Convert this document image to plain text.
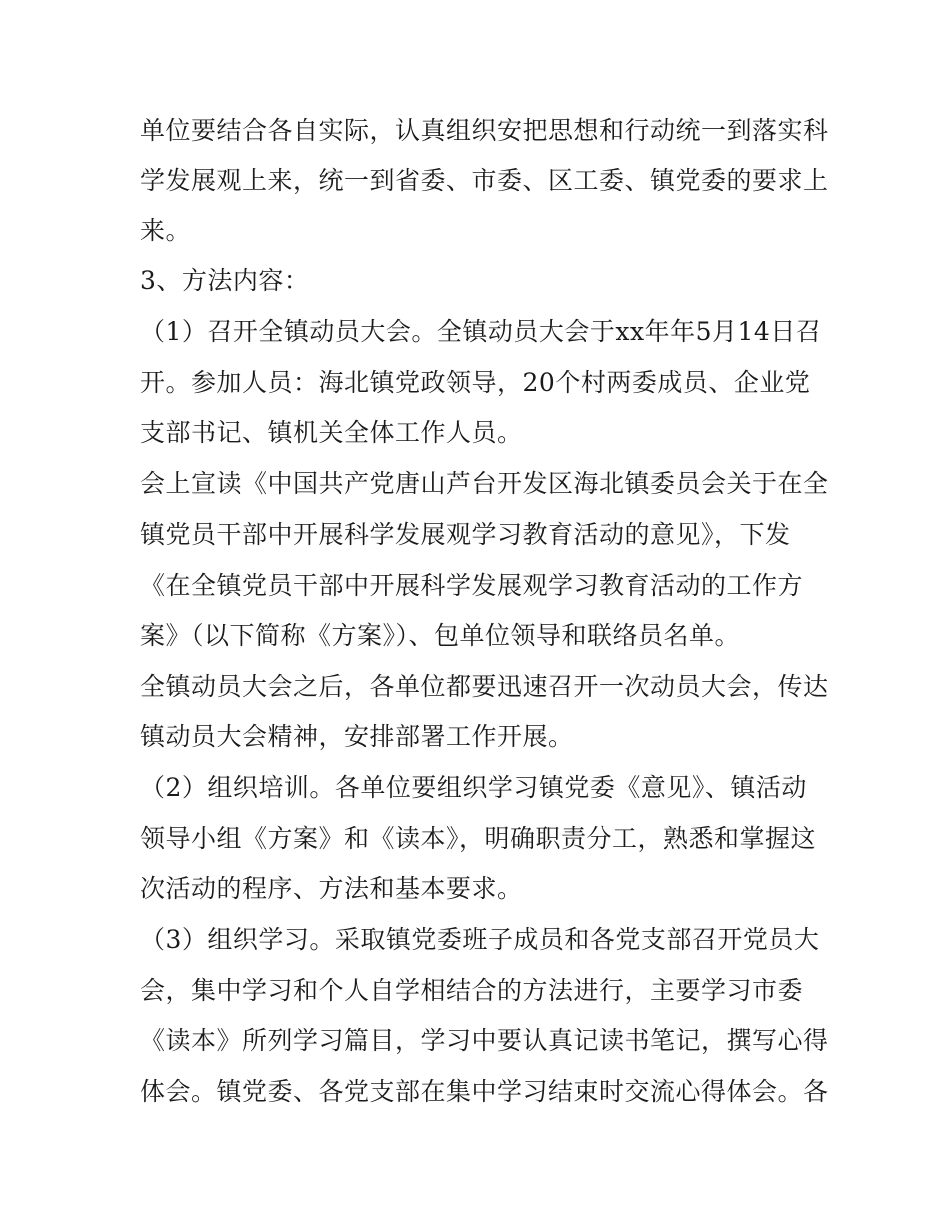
单位要结合各自实际，认真组织安把思想和行动统一到落实科
学发展观上来，统一到省委、市委、区工委、镇党委的要求上
来。
3、方法内容：
（1）召开全镇动员大会。全镇动员大会于xx年年5月14日召
开。参加人员：海北镇党政领导，20个村两委成员、企业党
支部书记、镇机关全体工作人员。
会上宣读《中国共产党唐山芦台开发区海北镇委员会关于在全
镇党员干部中开展科学发展观学习教育活动的意见》，下发
《在全镇党员干部中开展科学发展观学习教育活动的工作方
案》（以下简称《方案》）、包单位领导和联络员名单。
全镇动员大会之后，各单位都要迅速召开一次动员大会，传达
镇动员大会精神，安排部署工作开展。
（2）组织培训。各单位要组织学习镇党委《意见》、镇活动
领导小组《方案》和《读本》，明确职责分工，熟悉和掌握这
次活动的程序、方法和基本要求。
（3）组织学习。采取镇党委班子成员和各党支部召开党员大
会，集中学习和个人自学相结合的方法进行，主要学习市委
《读本》所列学习篇目，学习中要认真记读书笔记，撰写心得
体会。镇党委、各党支部在集中学习结束时交流心得体会。各
